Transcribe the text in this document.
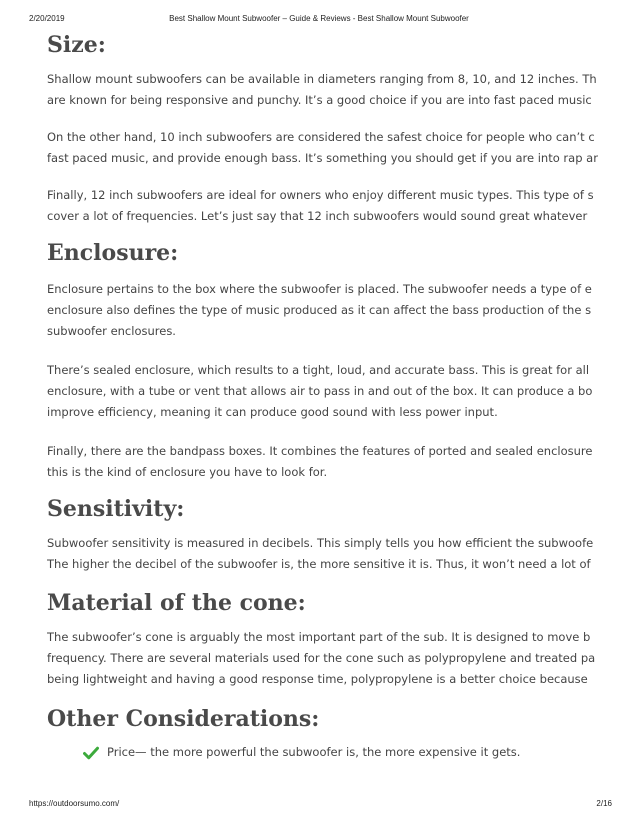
2/20/2019	Best Shallow Mount Subwoofer – Guide & Reviews - Best Shallow Mount Subwoofer
Size:

Shallow mount subwoofers can be available in diameters ranging from 8, 10, and 12 inches. Th
are known for being responsive and punchy. It’s a good choice if you are into fast paced music

On the other hand, 10 inch subwoofers are considered the safest choice for people who can’t c
fast paced music, and provide enough bass. It’s something you should get if you are into rap ar

Finally, 12 inch subwoofers are ideal for owners who enjoy different music types. This type of s
cover a lot of frequencies. Let’s just say that 12 inch subwoofers would sound great whatever

Enclosure:

Enclosure pertains to the box where the subwoofer is placed. The subwoofer needs a type of e
enclosure also defines the type of music produced as it can affect the bass production of the s
subwoofer enclosures.

There’s sealed enclosure, which results to a tight, loud, and accurate bass. This is great for all
enclosure, with a tube or vent that allows air to pass in and out of the box. It can produce a bo
improve efficiency, meaning it can produce good sound with less power input.

Finally, there are the bandpass boxes. It combines the features of ported and sealed enclosure
this is the kind of enclosure you have to look for.

Sensitivity:

Subwoofer sensitivity is measured in decibels. This simply tells you how efficient the subwoofe
The higher the decibel of the subwoofer is, the more sensitive it is. Thus, it won’t need a lot of

Material of the cone:

The subwoofer’s cone is arguably the most important part of the sub. It is designed to move b
frequency. There are several materials used for the cone such as polypropylene and treated pa
being lightweight and having a good response time, polypropylene is a better choice because

Other Considerations:
Price— the more powerful the subwoofer is, the more expensive it gets.
https://outdoorsumo.com/	2/16
